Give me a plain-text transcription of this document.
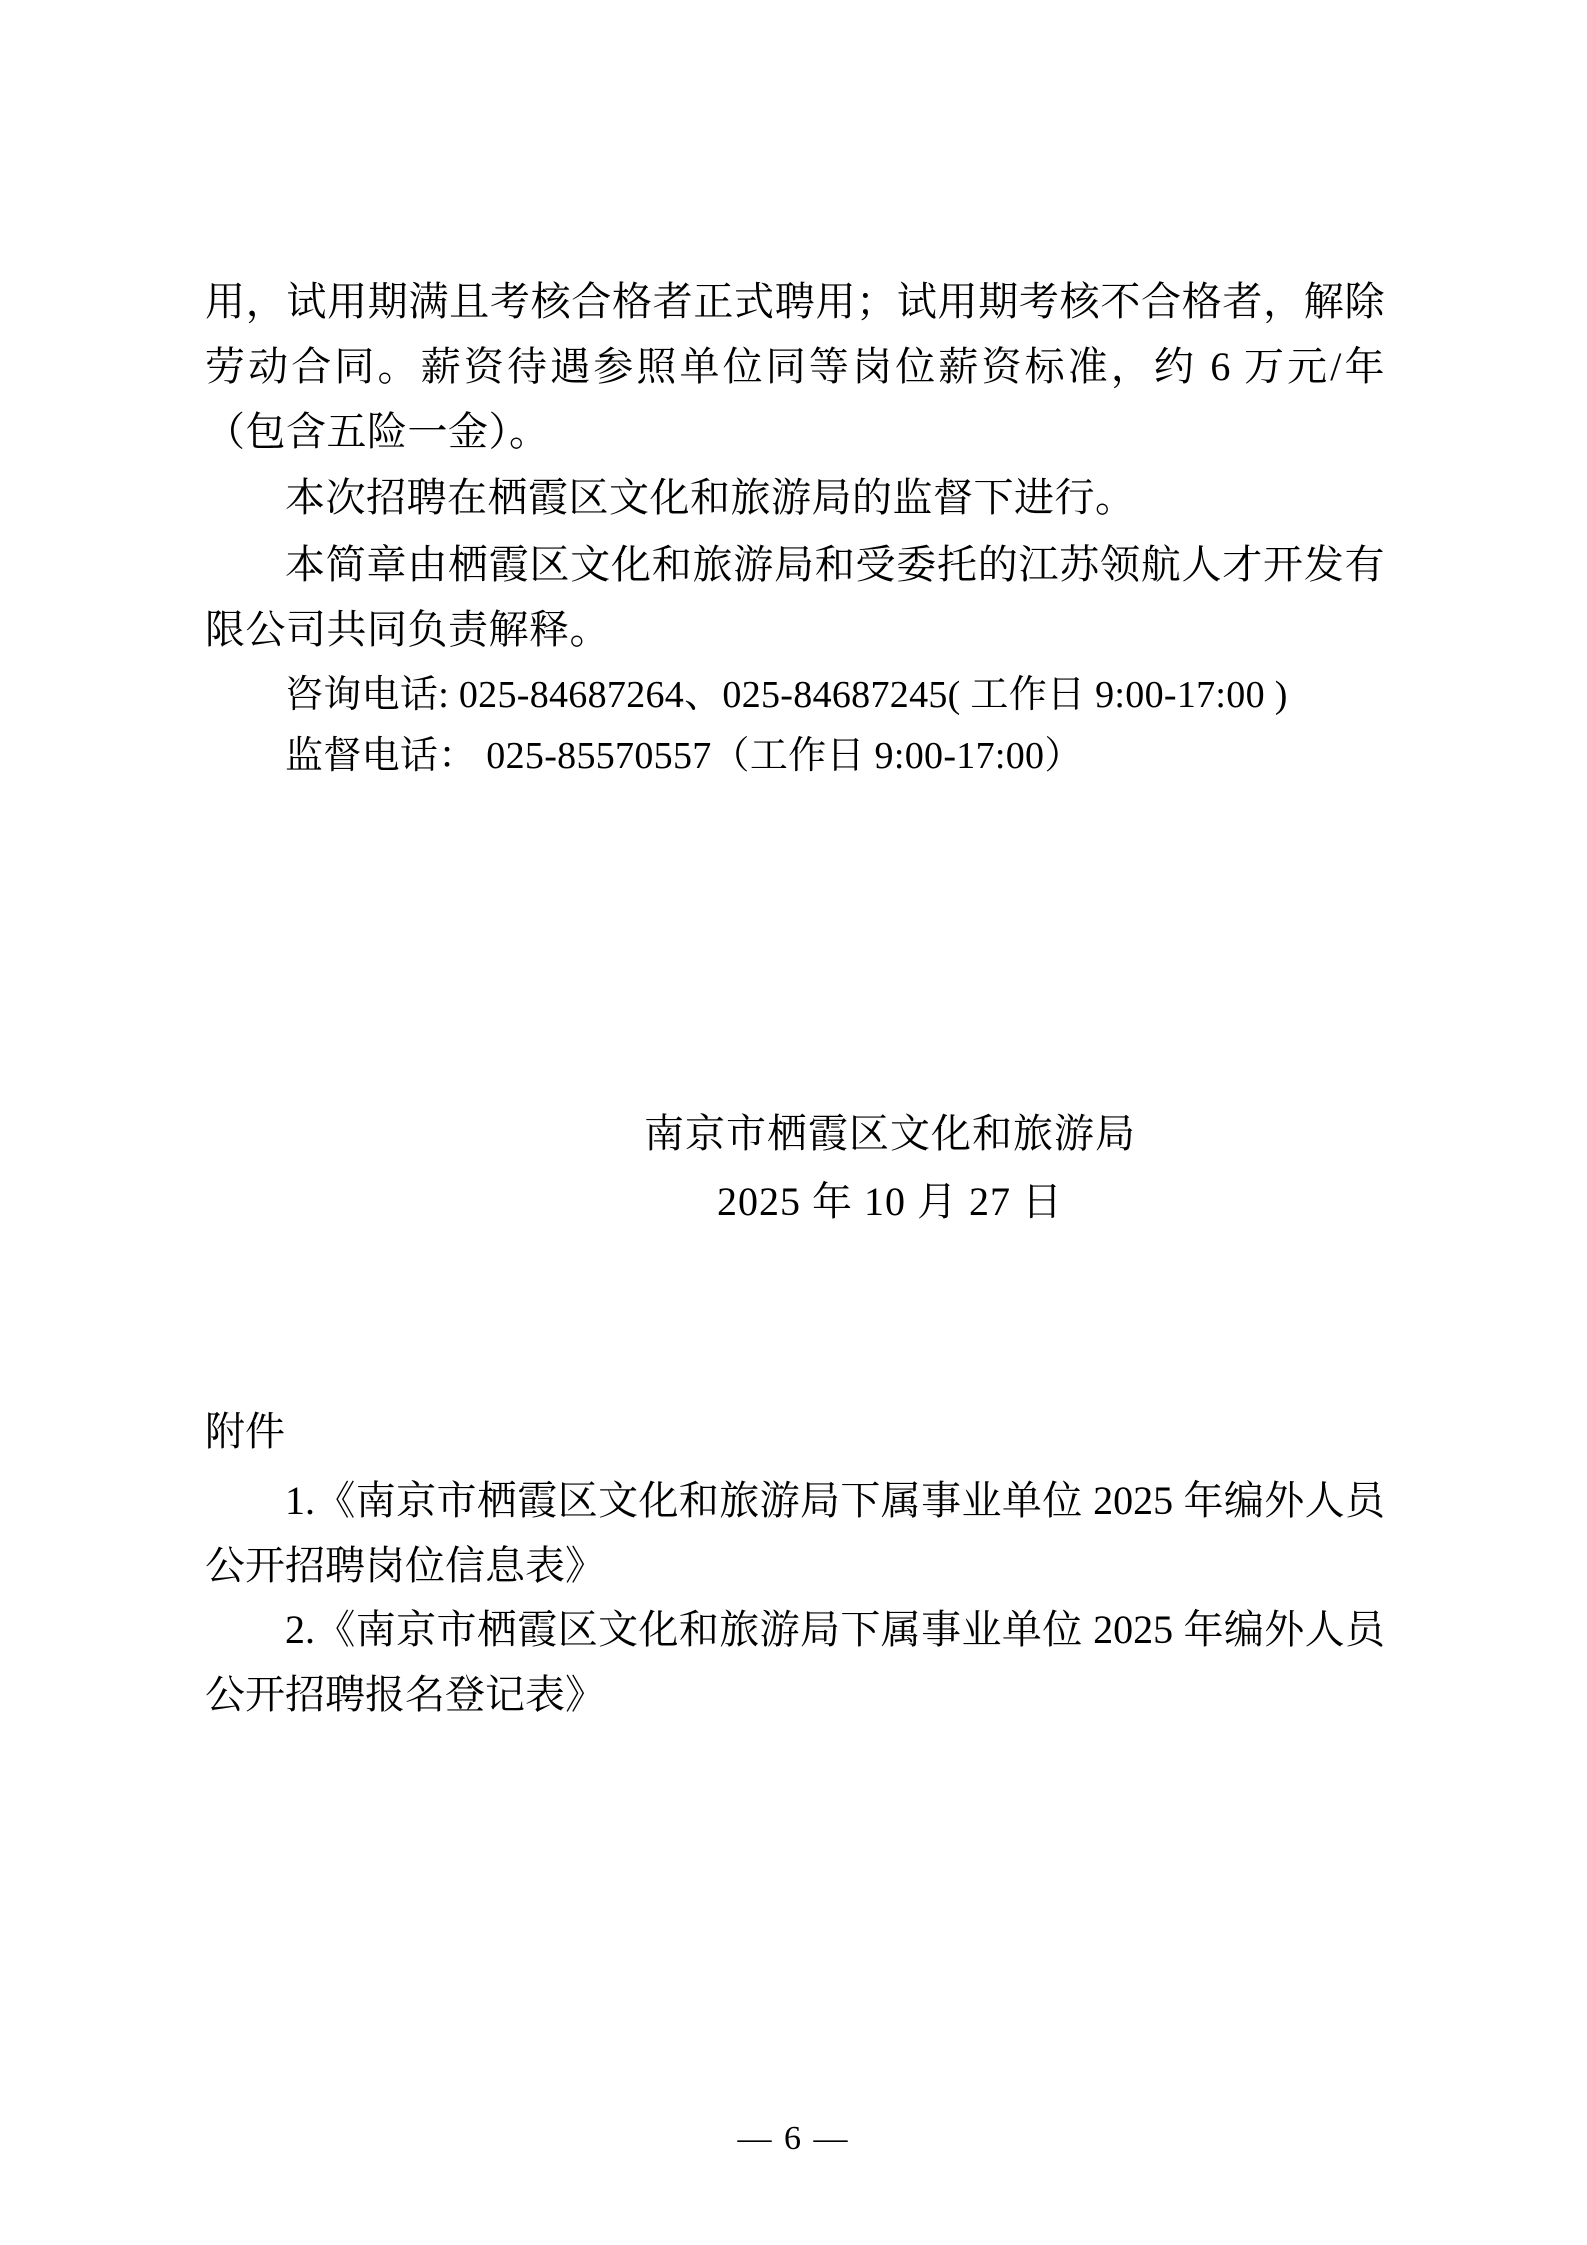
用，试用期满且考核合格者正式聘用；试用期考核不合格者，解除劳动合同。薪资待遇参照单位同等岗位薪资标准，约 6 万元/年（包含五险一金）。

本次招聘在栖霞区文化和旅游局的监督下进行。

本简章由栖霞区文化和旅游局和受委托的江苏领航人才开发有限公司共同负责解释。

咨询电话: 025-84687264、025-84687245( 工作日 9:00-17:00 )

监督电话： 025-85570557（工作日 9:00-17:00）

南京市栖霞区文化和旅游局

2025 年 10 月 27 日

附件

1.《南京市栖霞区文化和旅游局下属事业单位 2025 年编外人员公开招聘岗位信息表》

2.《南京市栖霞区文化和旅游局下属事业单位 2025 年编外人员公开招聘报名登记表》

— 6 —
